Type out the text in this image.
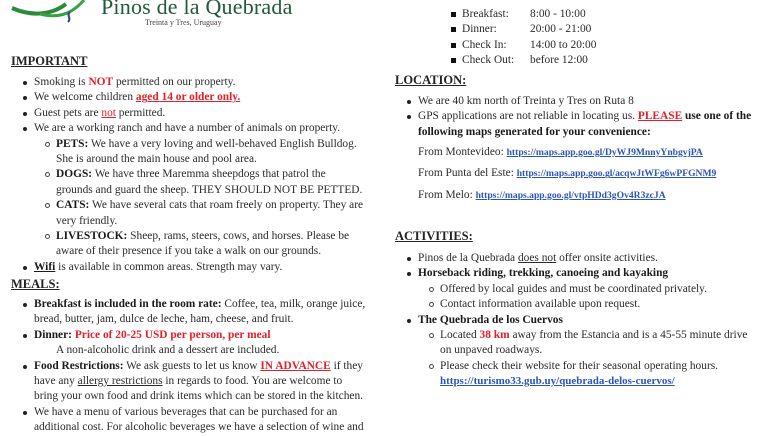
Pinos de la Quebrada
Treinta y Tres, Uruguay
IMPORTANT
Smoking is NOT permitted on our property.
We welcome children aged 14 or older only.
Guest pets are not permitted.
We are a working ranch and have a number of animals on property.
PETS: We have a very loving and well-behaved English Bulldog. She is around the main house and pool area.
DOGS: We have three Maremma sheepdogs that patrol the grounds and guard the sheep. THEY SHOULD NOT BE PETTED.
CATS: We have several cats that roam freely on property. They are very friendly.
LIVESTOCK: Sheep, rams, steers, cows, and horses. Please be aware of their presence if you take a walk on our grounds.
Wifi is available in common areas. Strength may vary.
MEALS:
Breakfast is included in the room rate: Coffee, tea, milk, orange juice, bread, butter, jam, dulce de leche, ham, cheese, and fruit.
Dinner: Price of 20-25 USD per person, per meal
A non-alcoholic drink and a dessert are included.
Food Restrictions: We ask guests to let us know IN ADVANCE if they have any allergy restrictions in regards to food. You are welcome to bring your own food and drink items which can be stored in the kitchen.
We have a menu of various beverages that can be purchased for an additional cost. For alcoholic beverages we have a selection of wine and
Breakfast:	8:00 - 10:00
Dinner:	20:00 - 21:00
Check In:	14:00 to 20:00
Check Out:	before 12:00
LOCATION:
We are 40 km north of Treinta y Tres on Ruta 8
GPS applications are not reliable in locating us. PLEASE use one of the following maps generated for your convenience:

From Montevideo: https://maps.app.goo.gl/DyWJ9MnnyYnbgvjPA

From Punta del Este: https://maps.app.goo.gl/acqwJtWFg6wPFGNM9

From Melo: https://maps.app.goo.gl/vtpHDd3gOv4R3zcJA

ACTIVITIES:
Pinos de la Quebrada does not offer onsite activities.
Horseback riding, trekking, canoeing and kayaking
Offered by local guides and must be coordinated privately.
Contact information available upon request.
The Quebrada de los Cuervos
Located 38 km away from the Estancia and is a 45-55 minute drive on unpaved roadways.
Please check their website for their seasonal operating hours.
https://turismo33.gub.uy/quebrada-delos-cuervos/
